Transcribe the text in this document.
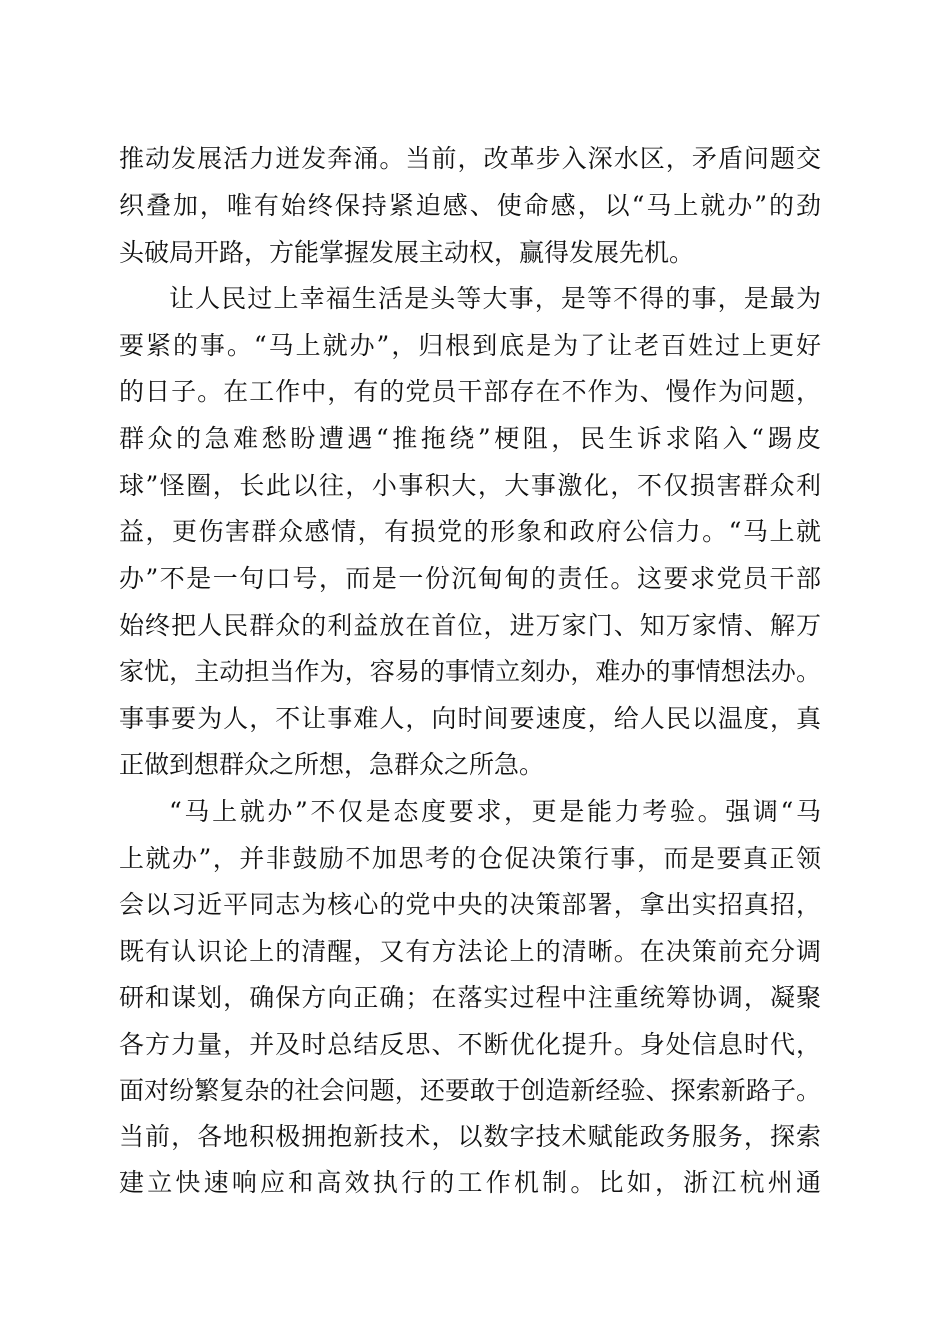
推动发展活力迸发奔涌。当前，改革步入深水区，矛盾问题交
织叠加，唯有始终保持紧迫感、使命感，以“马上就办”的劲
头破局开路，方能掌握发展主动权，赢得发展先机。
让人民过上幸福生活是头等大事，是等不得的事，是最为
要紧的事。“马上就办”，归根到底是为了让老百姓过上更好
的日子。在工作中，有的党员干部存在不作为、慢作为问题，
群众的急难愁盼遭遇“推拖绕”梗阻，民生诉求陷入“踢皮
球”怪圈，长此以往，小事积大，大事激化，不仅损害群众利
益，更伤害群众感情，有损党的形象和政府公信力。“马上就
办”不是一句口号，而是一份沉甸甸的责任。这要求党员干部
始终把人民群众的利益放在首位，进万家门、知万家情、解万
家忧，主动担当作为，容易的事情立刻办，难办的事情想法办。
事事要为人，不让事难人，向时间要速度，给人民以温度，真
正做到想群众之所想，急群众之所急。
“马上就办”不仅是态度要求，更是能力考验。强调“马
上就办”，并非鼓励不加思考的仓促决策行事，而是要真正领
会以习近平同志为核心的党中央的决策部署，拿出实招真招，
既有认识论上的清醒，又有方法论上的清晰。在决策前充分调
研和谋划，确保方向正确；在落实过程中注重统筹协调，凝聚
各方力量，并及时总结反思、不断优化提升。身处信息时代，
面对纷繁复杂的社会问题，还要敢于创造新经验、探索新路子。
当前，各地积极拥抱新技术，以数字技术赋能政务服务，探索
建立快速响应和高效执行的工作机制。比如，浙江杭州通
